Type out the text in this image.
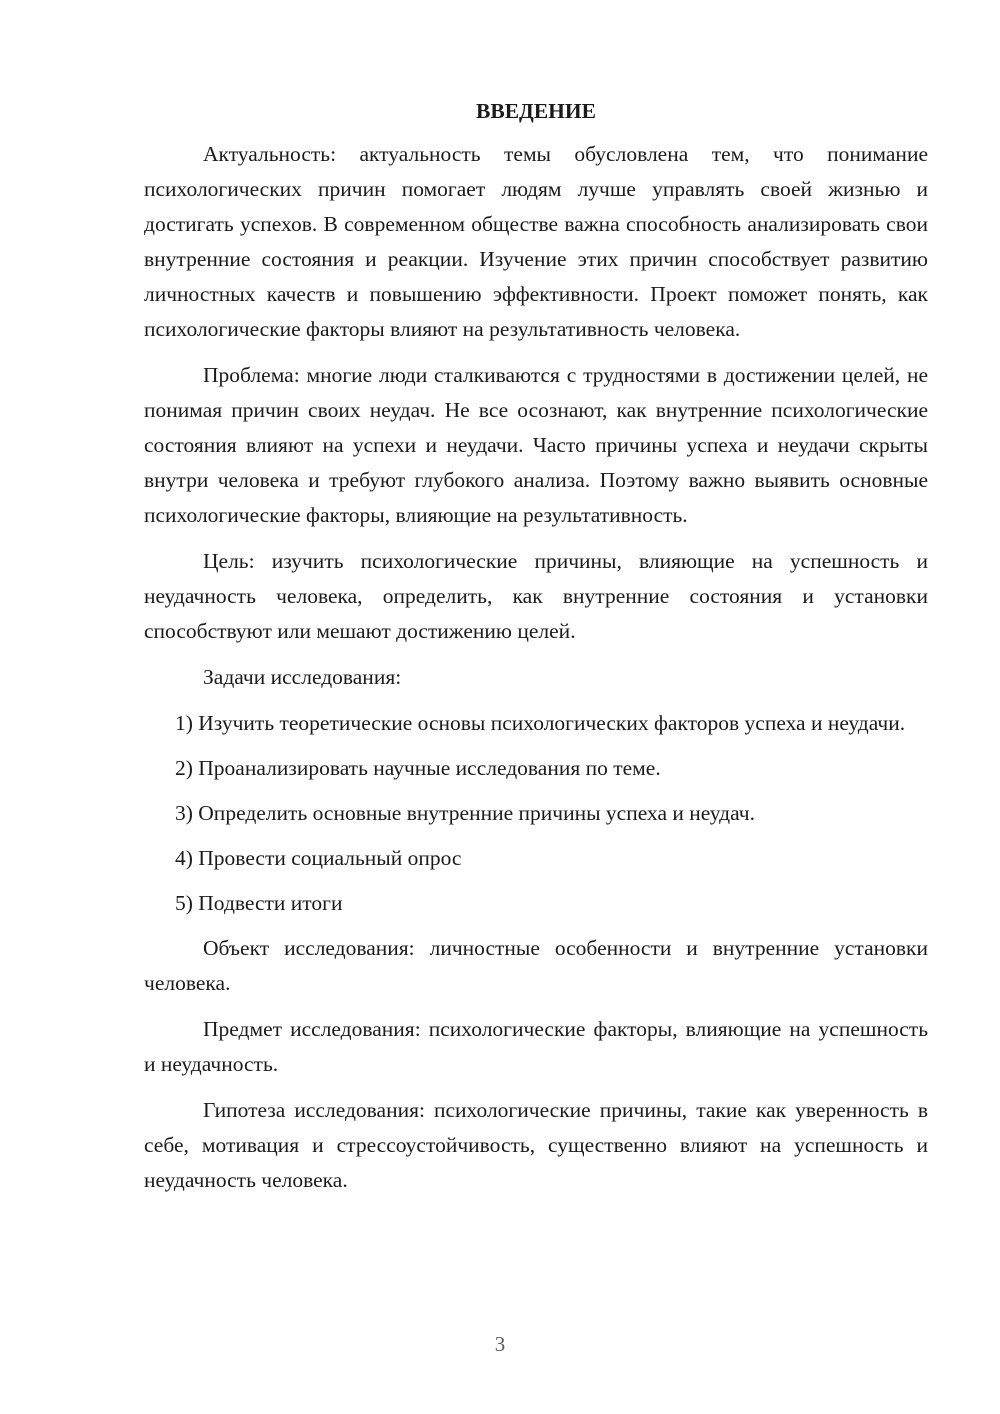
ВВЕДЕНИЕ

Актуальность: актуальность темы обусловлена тем, что понимание психологических причин помогает людям лучше управлять своей жизнью и достигать успехов. В современном обществе важна способность анализировать свои внутренние состояния и реакции. Изучение этих причин способствует развитию личностных качеств и повышению эффективности. Проект поможет понять, как психологические факторы влияют на результативность человека.

Проблема: многие люди сталкиваются с трудностями в достижении целей, не понимая причин своих неудач. Не все осознают, как внутренние психологические состояния влияют на успехи и неудачи. Часто причины успеха и неудачи скрыты внутри человека и требуют глубокого анализа. Поэтому важно выявить основные психологические факторы, влияющие на результативность.

Цель: изучить психологические причины, влияющие на успешность и неудачность человека, определить, как внутренние состояния и установки способствуют или мешают достижению целей.

Задачи исследования:

1) Изучить теоретические основы психологических факторов успеха и неудачи.

2) Проанализировать научные исследования по теме.

3) Определить основные внутренние причины успеха и неудач.

4) Провести социальный опрос

5) Подвести итоги

Объект исследования: личностные особенности и внутренние установки человека.

Предмет исследования: психологические факторы, влияющие на успешность и неудачность.

Гипотеза исследования: психологические причины, такие как уверенность в себе, мотивация и стрессоустойчивость, существенно влияют на успешность и неудачность человека.

3
